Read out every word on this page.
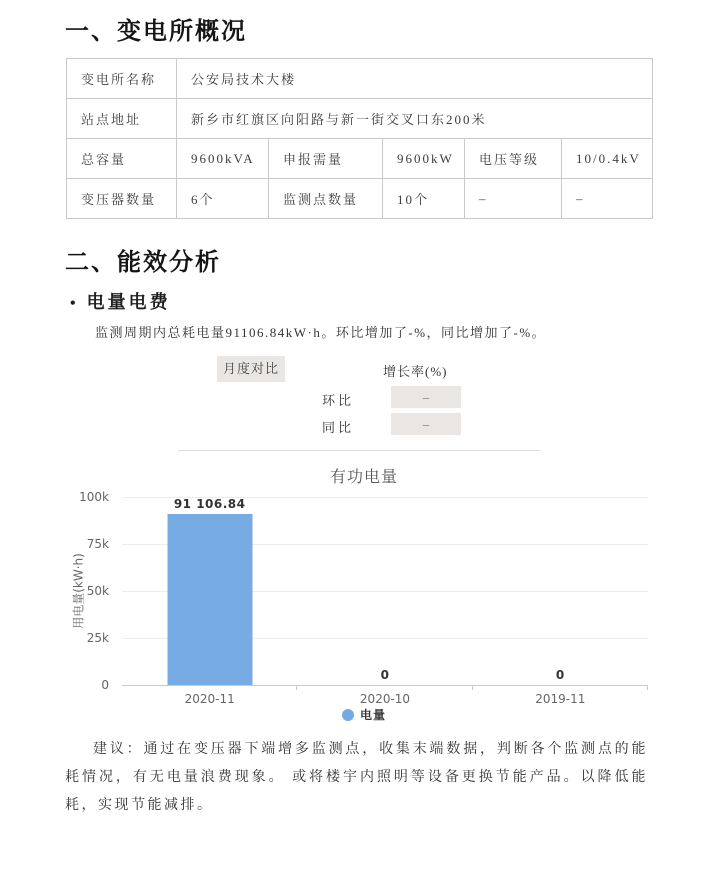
一、变电所概况
变电所名称	公安局技术大楼				
站点地址	新乡市红旗区向阳路与新一街交叉口东200米				
总容量	9600kVA	申报需量	9600kW	电压等级	10/0.4kV
变压器数量	6个	监测点数量	10个	–	–
二、能效分析
• 电量电费

监测周期内总耗电量91106.84kW·h。环比增加了-%，同比增加了-%。

月度对比	增长率(%)
环比	–
同比	–
有功电量
用电量(kW·h)
100k
75k
50k
25k
0
91 106.84
2020-11
0
2020-10
0
2019-11
电量

建议：通过在变压器下端增多监测点，收集末端数据，判断各个监测点的能耗情况，有无电量浪费现象。 或将楼宇内照明等设备更换节能产品。以降低能耗，实现节能减排。
